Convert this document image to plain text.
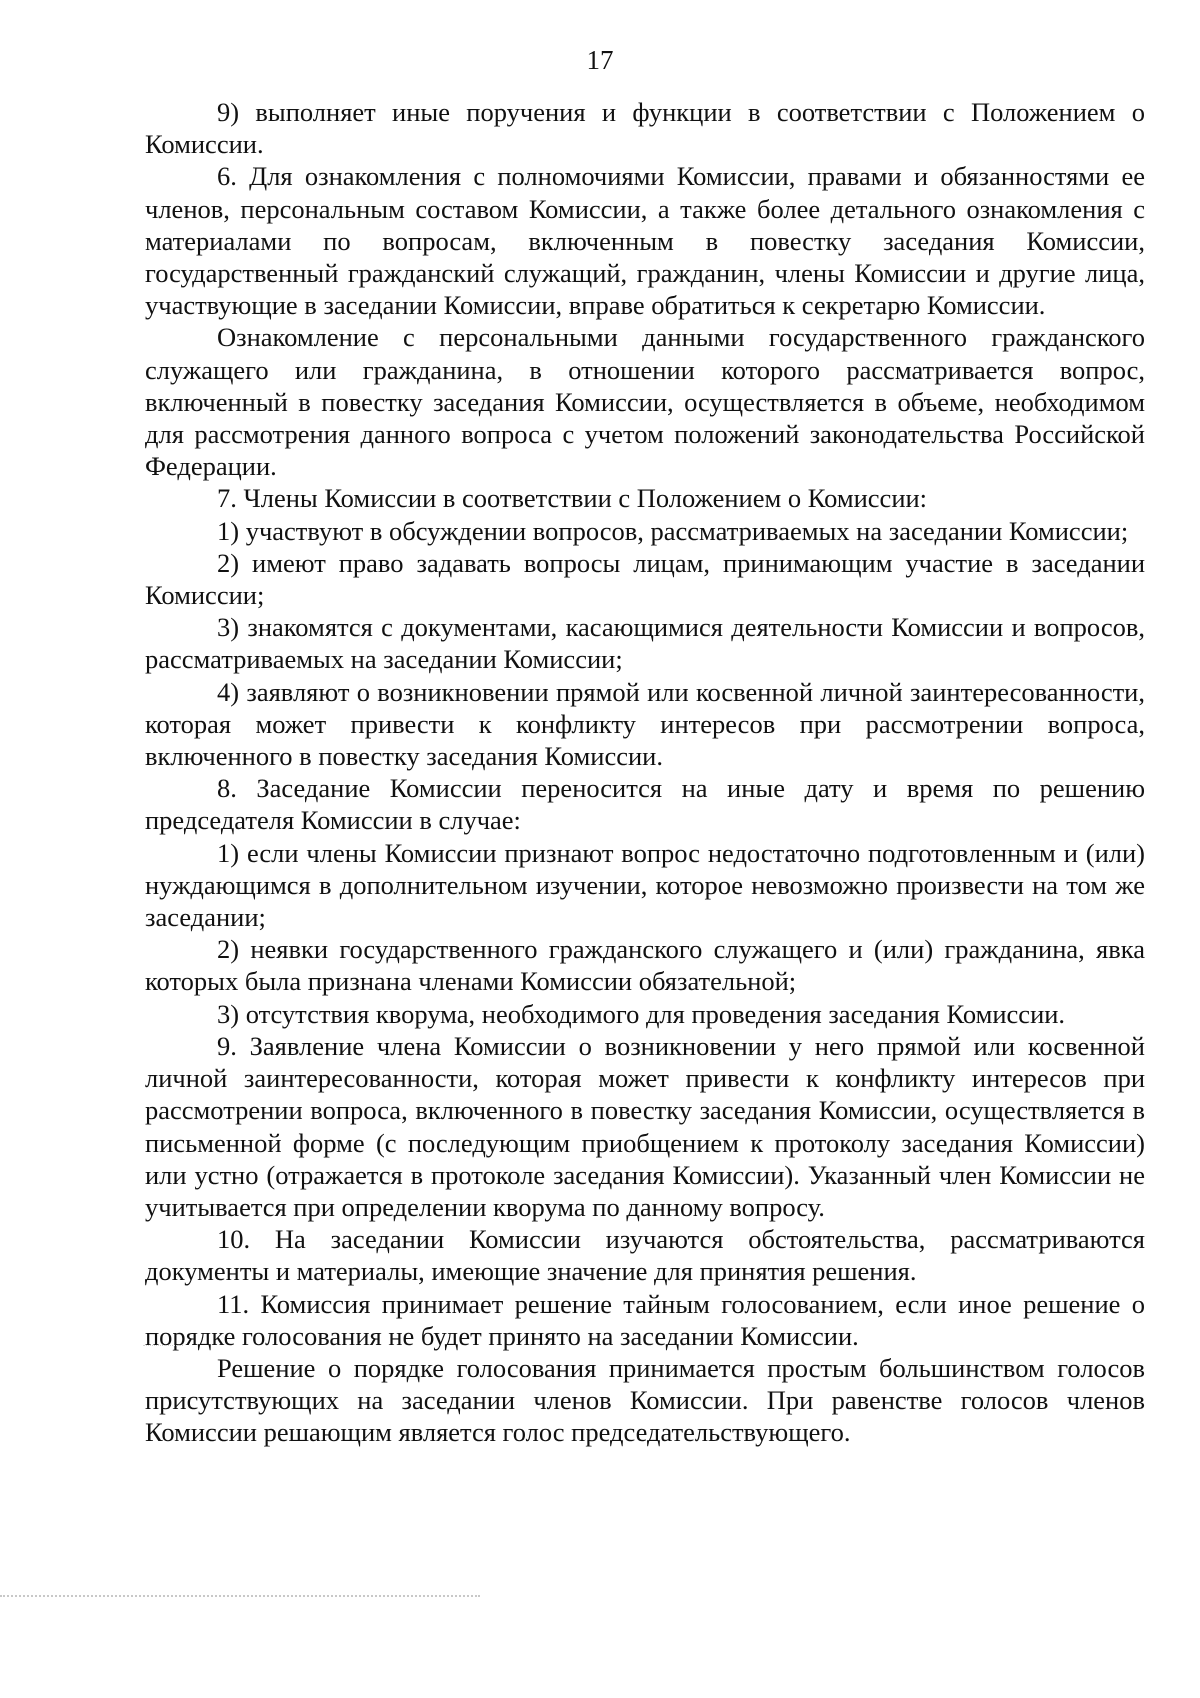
17

9) выполняет иные поручения и функции в соответствии с Положением о Комиссии.

6. Для ознакомления с полномочиями Комиссии, правами и обязанностями ее членов, персональным составом Комиссии, а также более детального ознакомления с материалами по вопросам, включенным в повестку заседания Комиссии, государственный гражданский служащий, гражданин, члены Комиссии и другие лица, участвующие в заседании Комиссии, вправе обратиться к секретарю Комиссии.

Ознакомление с персональными данными государственного гражданского служащего или гражданина, в отношении которого рассматривается вопрос, включенный в повестку заседания Комиссии, осуществляется в объеме, необходимом для рассмотрения данного вопроса с учетом положений законодательства Российской Федерации.

7. Члены Комиссии в соответствии с Положением о Комиссии:

1) участвуют в обсуждении вопросов, рассматриваемых на заседании Комиссии;

2) имеют право задавать вопросы лицам, принимающим участие в заседании Комиссии;

3) знакомятся с документами, касающимися деятельности Комиссии и вопросов, рассматриваемых на заседании Комиссии;

4) заявляют о возникновении прямой или косвенной личной заинтересованности, которая может привести к конфликту интересов при рассмотрении вопроса, включенного в повестку заседания Комиссии.

8. Заседание Комиссии переносится на иные дату и время по решению председателя Комиссии в случае:

1) если члены Комиссии признают вопрос недостаточно подготовленным и (или) нуждающимся в дополнительном изучении, которое невозможно произвести на том же заседании;

2) неявки государственного гражданского служащего и (или) гражданина, явка которых была признана членами Комиссии обязательной;

3) отсутствия кворума, необходимого для проведения заседания Комиссии.

9. Заявление члена Комиссии о возникновении у него прямой или косвенной личной заинтересованности, которая может привести к конфликту интересов при рассмотрении вопроса, включенного в повестку заседания Комиссии, осуществляется в письменной форме (с последующим приобщением к протоколу заседания Комиссии) или устно (отражается в протоколе заседания Комиссии). Указанный член Комиссии не учитывается при определении кворума по данному вопросу.

10. На заседании Комиссии изучаются обстоятельства, рассматриваются документы и материалы, имеющие значение для принятия решения.

11. Комиссия принимает решение тайным голосованием, если иное решение о порядке голосования не будет принято на заседании Комиссии.

Решение о порядке голосования принимается простым большинством голосов присутствующих на заседании членов Комиссии. При равенстве голосов членов Комиссии решающим является голос председательствующего.
